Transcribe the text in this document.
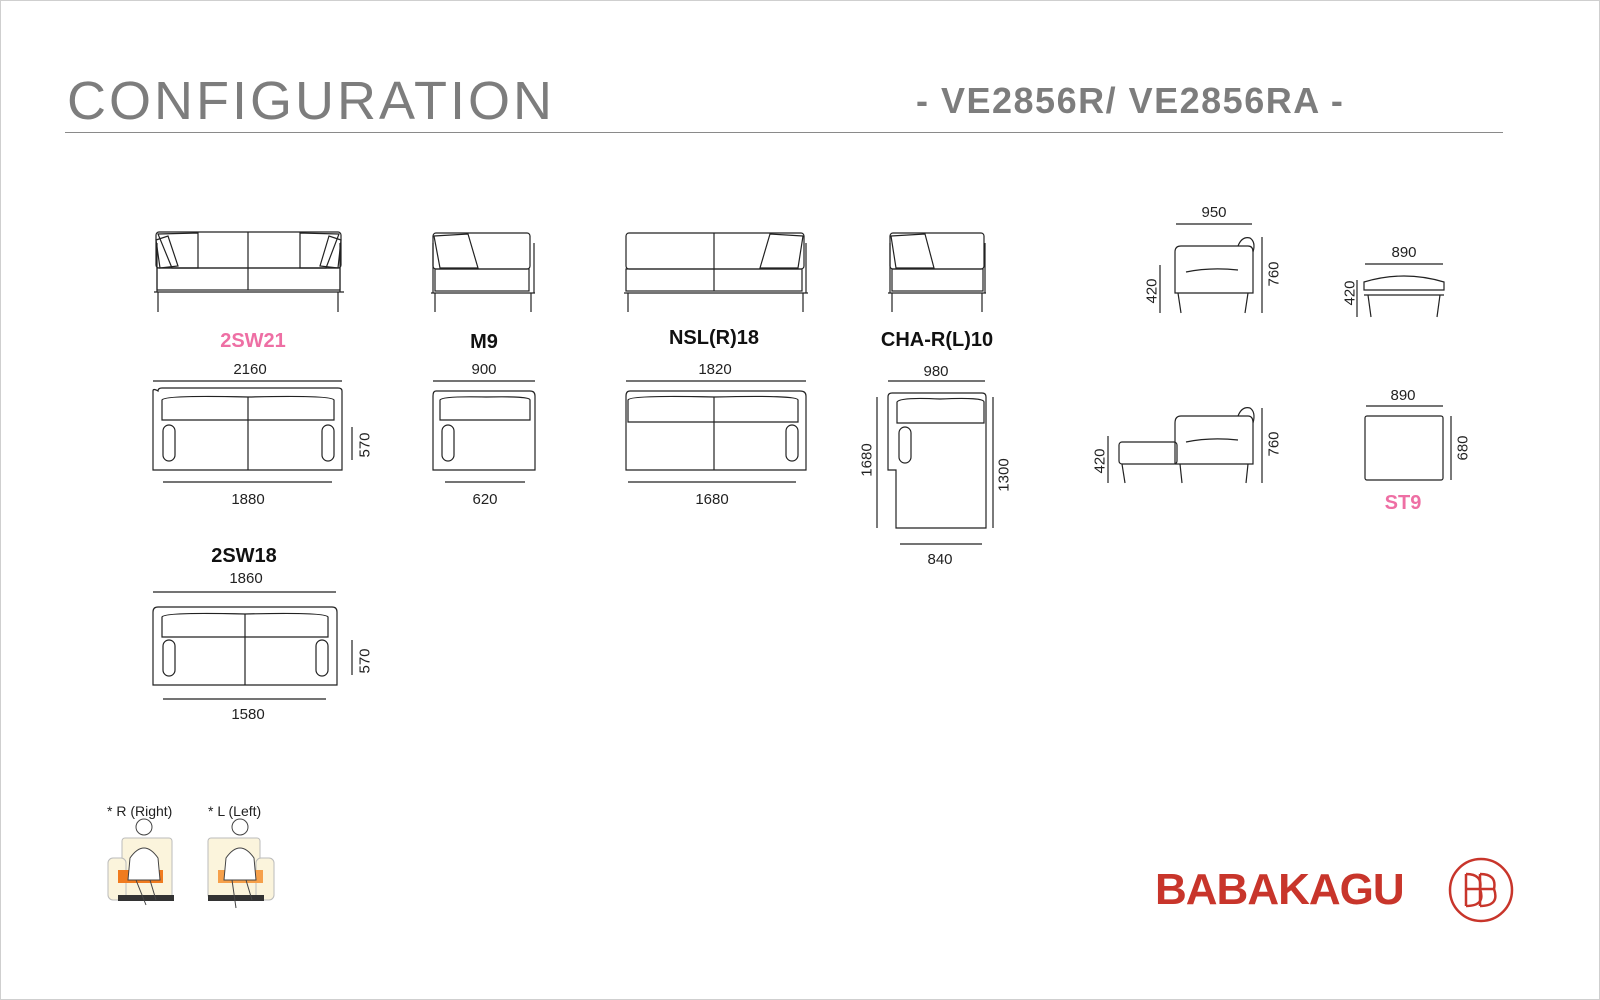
CONFIGURATION	- VE2856R/ VE2856RA -
2SW21	M9	NSL(R)18	CHA-R(L)10
2SW18
ST9
2160
1880
570
900
620
1820
1680
980
840
1680	1300
1860
1580
570
950
420
760
890
420
420
760
890
680
* R (Right)	* L (Left)
BABAKAGU
